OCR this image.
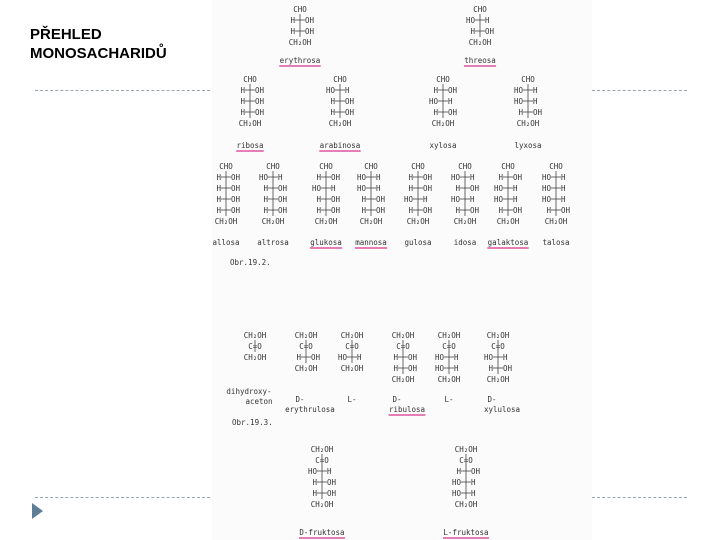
PŘEHLED
MONOSACHARIDŮ
CHO
H OH
H OH
CH₂OH
erythrosa
CHO
HO H
H OH
CH₂OH
threosa
CHO
H OH
H OH
H OH
CH₂OH
ribosa
CHO
HO H
H OH
H OH
CH₂OH
arabinosa
CHO
H OH
HO H
H OH
CH₂OH
xylosa
CHO
HO H
HO H
H OH
CH₂OH
lyxosa
CHO
H OH
H OH
H OH
H OH
CH₂OH
allosa
CHO
HO H
H OH
H OH
H OH
CH₂OH
altrosa
CHO
H OH
HO H
H OH
H OH
CH₂OH
glukosa
CHO
HO H
HO H
H OH
H OH
CH₂OH
mannosa
CHO
H OH
H OH
HO H
H OH
CH₂OH
gulosa
CHO
HO H
H OH
HO H
H OH
CH₂OH
idosa
CHO
H OH
HO H
HO H
H OH
CH₂OH
galaktosa
CHO
HO H
HO H
HO H
H OH
CH₂OH
talosa
Obr.19.2.
CH₂OH
C=O
CH₂OH
dihydroxy-
aceton
CH₂OH
C=O
H OH
CH₂OH
D-
erythrulosa
CH₂OH
C=O
HO H
CH₂OH
L-
CH₂OH
C=O
H OH
H OH
CH₂OH
D-
ribulosa
CH₂OH
C=O
HO H
HO H
CH₂OH
L-
CH₂OH
C=O
HO H
H OH
CH₂OH
D-
xylulosa
CH₂OH
C=O
HO H
H OH
H OH
CH₂OH
D-fruktosa
CH₂OH
C=O
H OH
HO H
HO H
CH₂OH
L-fruktosa
Obr.19.3.
